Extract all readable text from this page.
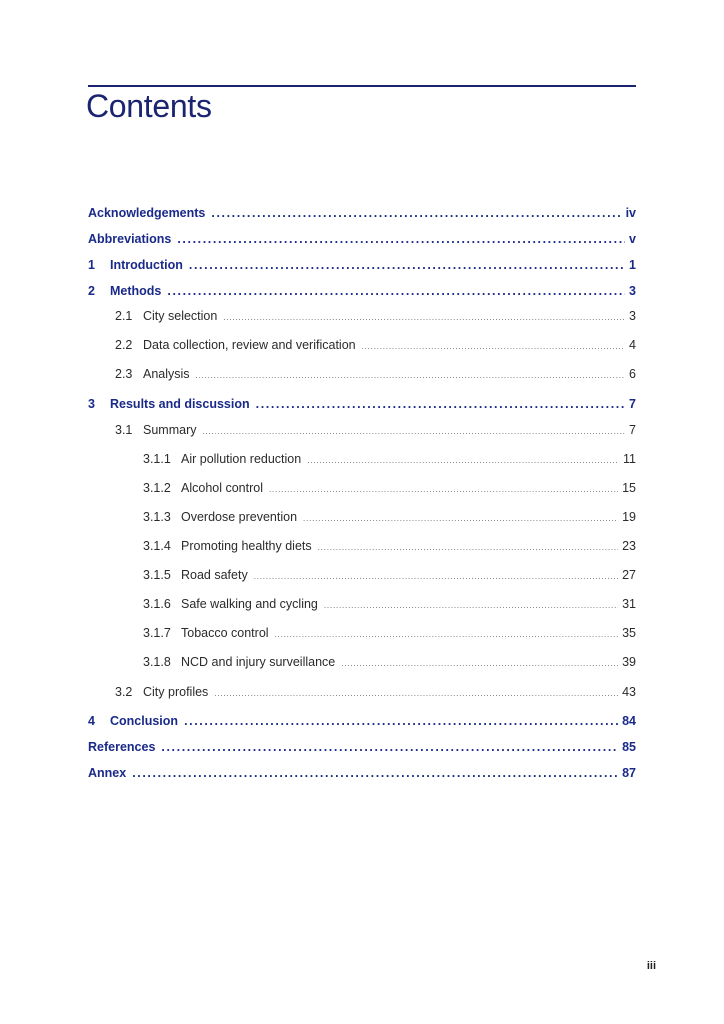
Contents
Acknowledgements .....	iv
Abbreviations .....	v
1	Introduction .....	1
2	Methods .....	3
2.1 City selection .....	3
2.2 Data collection, review and verification .....	4
2.3 Analysis .....	6
3	Results and discussion .....	7
3.1 Summary .....	7
3.1.1 Air pollution reduction .....	11
3.1.2 Alcohol control .....	15
3.1.3 Overdose prevention .....	19
3.1.4 Promoting healthy diets .....	23
3.1.5 Road safety .....	27
3.1.6 Safe walking and cycling .....	31
3.1.7 Tobacco control .....	35
3.1.8 NCD and injury surveillance .....	39
3.2 City profiles .....	43
4	Conclusion .....	84
References .....	85
Annex .....	87
iii
